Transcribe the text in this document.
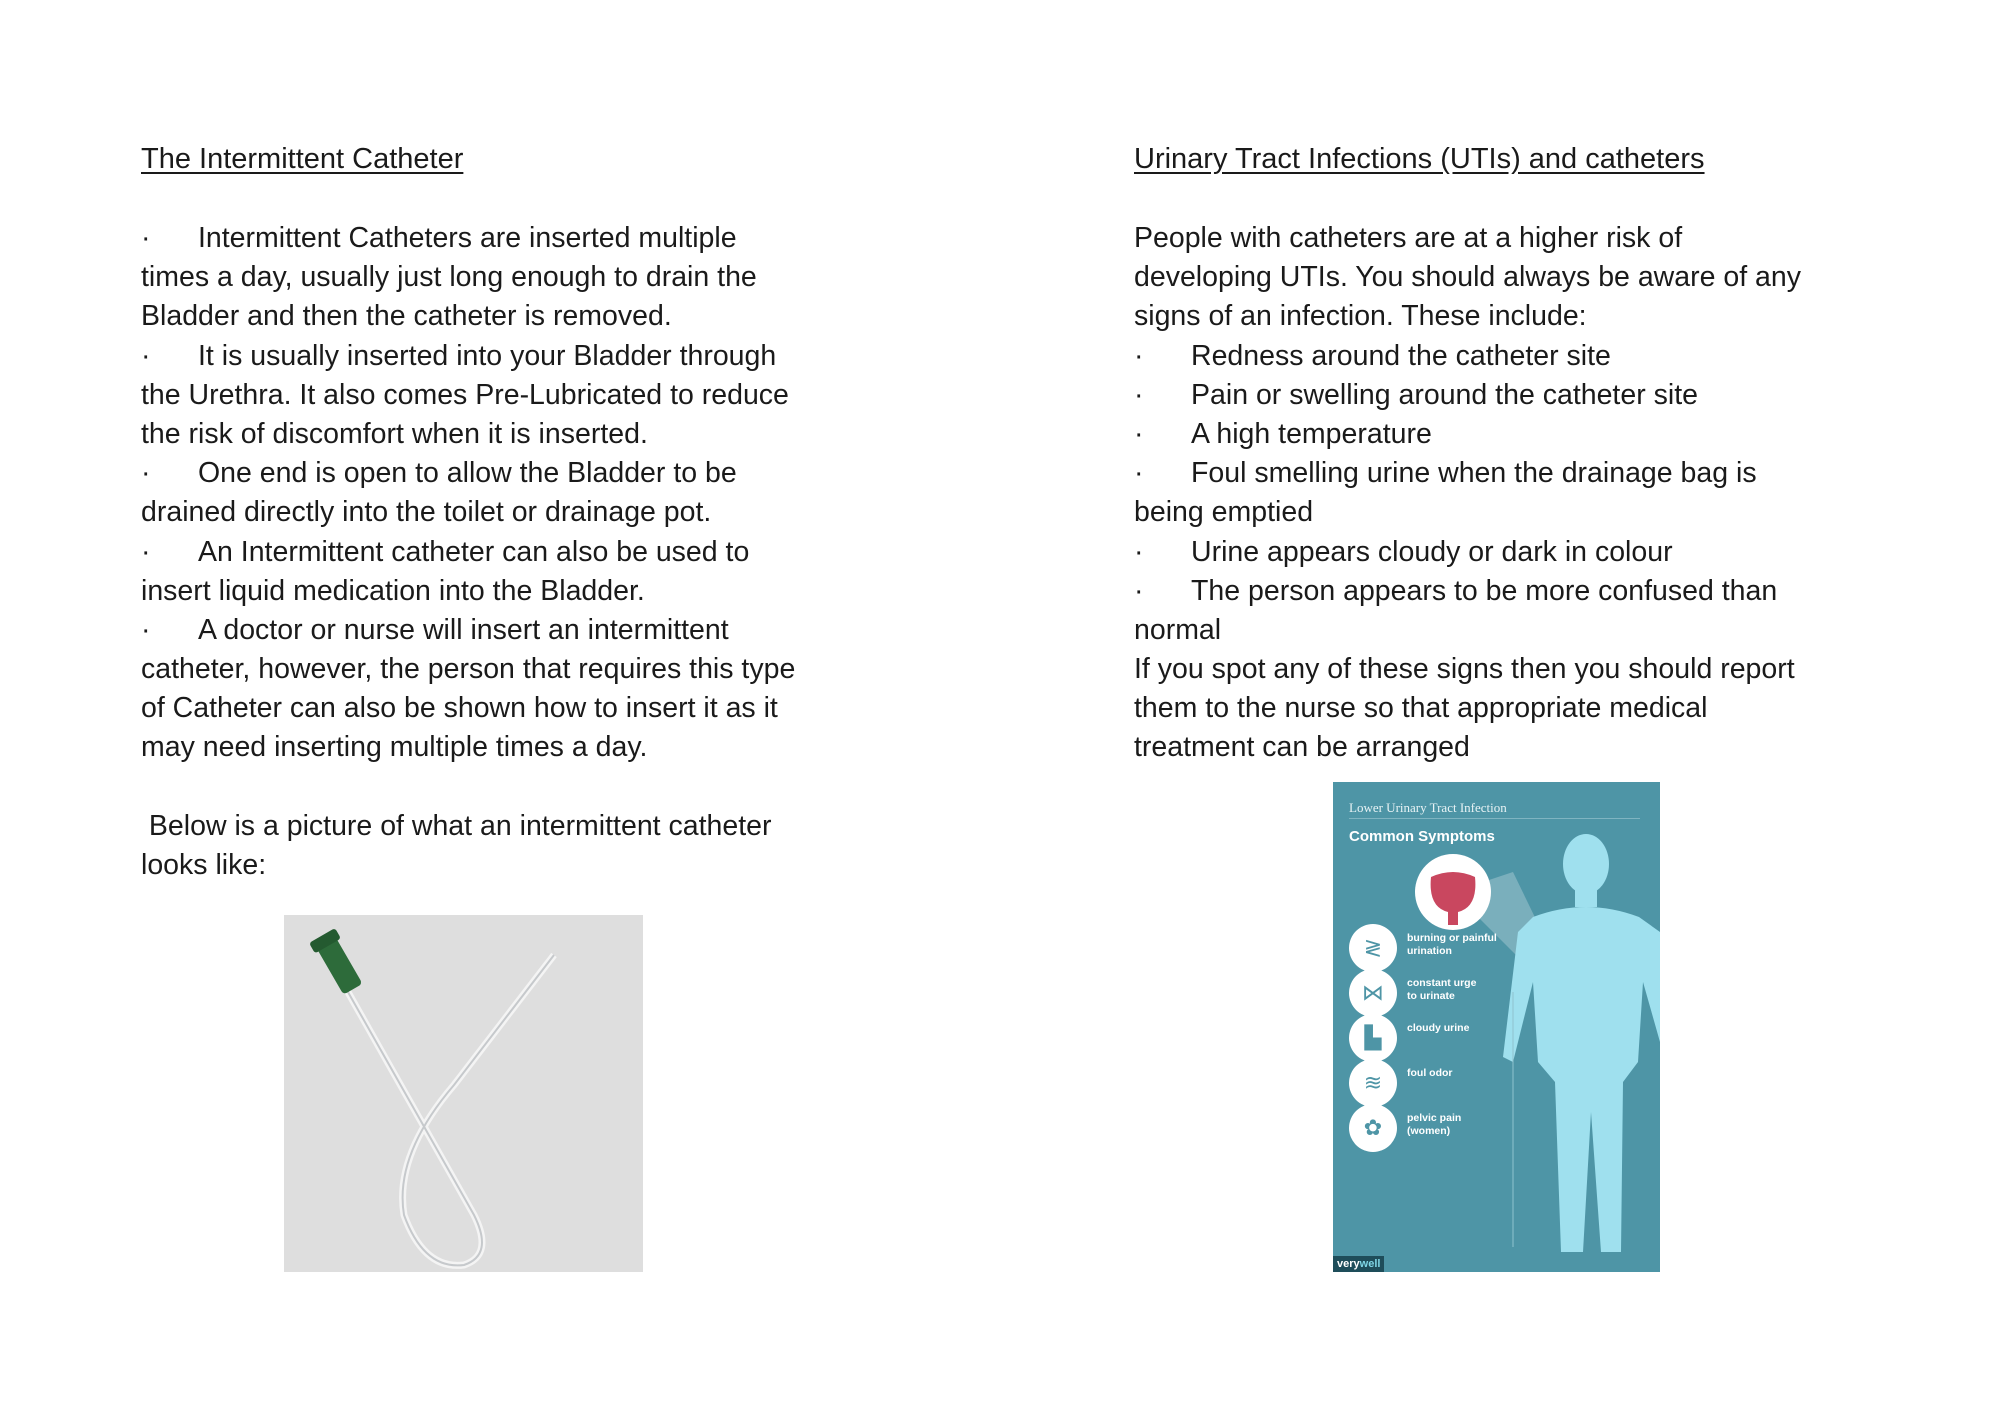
The Intermittent Catheter
· Intermittent Catheters are inserted multiple
times a day, usually just long enough to drain the
Bladder and then the catheter is removed.
· It is usually inserted into your Bladder through
the Urethra. It also comes Pre-Lubricated to reduce
the risk of discomfort when it is inserted.
· One end is open to allow the Bladder to be
drained directly into the toilet or drainage pot.
· An Intermittent catheter can also be used to
insert liquid medication into the Bladder.
· A doctor or nurse will insert an intermittent
catheter, however, the person that requires this type
of Catheter can also be shown how to insert it as it
may need inserting multiple times a day.
Below is a picture of what an intermittent catheter
looks like:
Urinary Tract Infections (UTIs) and catheters
People with catheters are at a higher risk of
developing UTIs. You should always be aware of any
signs of an infection. These include:
· Redness around the catheter site
· Pain or swelling around the catheter site
· A high temperature
· Foul smelling urine when the drainage bag is
being emptied
· Urine appears cloudy or dark in colour
· The person appears to be more confused than
normal
If you spot any of these signs then you should report
them to the nurse so that appropriate medical
treatment can be arranged
Lower Urinary Tract Infection
Common Symptoms
≷	burning or painful
urination
⋈	constant urge
to urinate
▙	cloudy urine
≋	foul odor
✿	pelvic pain
(women)
verywell
